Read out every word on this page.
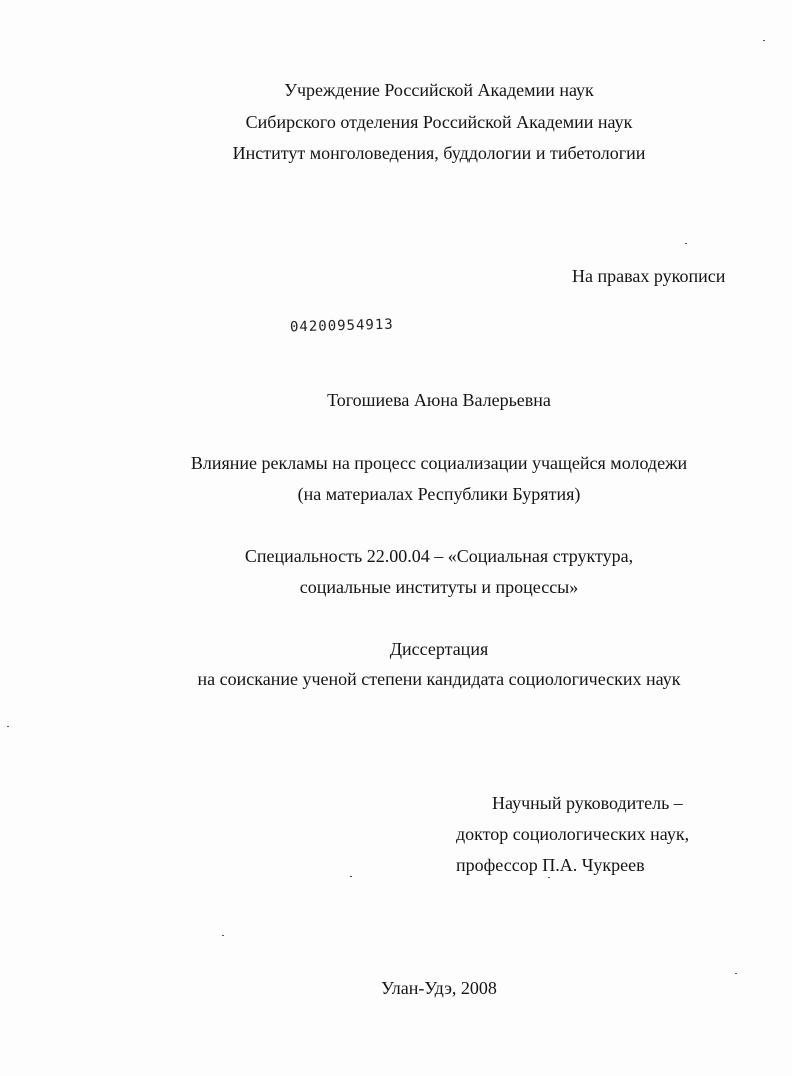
Учреждение Российской Академии наук
Сибирского отделения Российской Академии наук
Институт монголоведения, буддологии и тибетологии
На правах рукописи
04200954913
Тогошиева Аюна Валерьевна
Влияние рекламы на процесс социализации учащейся молодежи
(на материалах Республики Бурятия)
Специальность 22.00.04 – «Социальная структура,
социальные институты и процессы»
Диссертация
на соискание ученой степени кандидата социологических наук
Научный руководитель –
доктор социологических наук,
профессор П.А. Чукреев
Улан-Удэ, 2008
